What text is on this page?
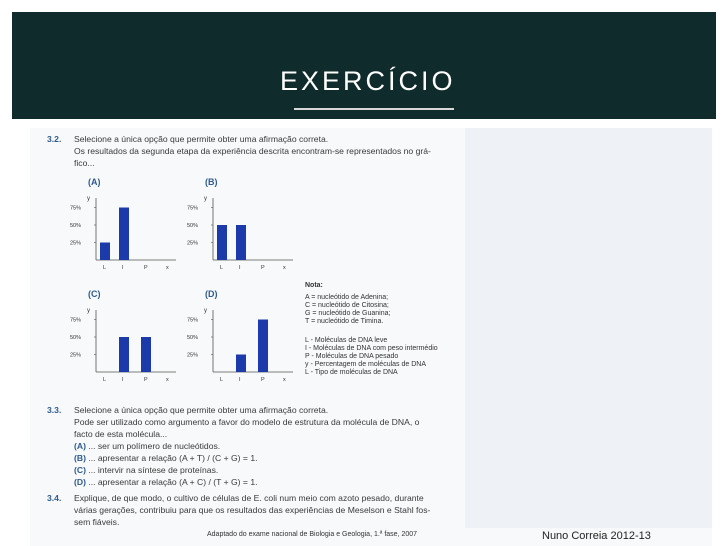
EXERCÍCIO
3.2. Selecione a única opção que permite obter uma afirmação correta.
Os resultados da segunda etapa da experiência descrita encontram-se representados no grá-
fico...
(A)
y
75%
50%
25%
L	I	P	x
(B)
y
75%
50%
25%
L	I	P	x
(C)
y
75%
50%
25%
L	I	P	x
(D)
y
75%
50%
25%
L	I	P	x
Nota:
A = nucleótido de Adenina;
C = nucleótido de Citosina;
G = nucleótido de Guanina;
T = nucleótido de Timina.
L - Moléculas de DNA leve
I - Moléculas de DNA com peso intermédio
P - Moléculas de DNA pesado
y - Percentagem de moléculas de DNA
L - Tipo de moléculas de DNA
3.3. Selecione a única opção que permite obter uma afirmação correta.
Pode ser utilizado como argumento a favor do modelo de estrutura da molécula de DNA, o
facto de esta molécula...
(A) ... ser um polímero de nucleótidos.
(B) ... apresentar a relação (A + T) / (C + G) = 1.
(C) ... intervir na síntese de proteínas.
(D) ... apresentar a relação (A + C) / (T + G) = 1.
3.4. Explique, de que modo, o cultivo de células de E. coli num meio com azoto pesado, durante
várias gerações, contribuiu para que os resultados das experiências de Meselson e Stahl fos-
sem fiáveis.
Adaptado do exame nacional de Biologia e Geologia, 1.ª fase, 2007	Nuno Correia 2012-13
